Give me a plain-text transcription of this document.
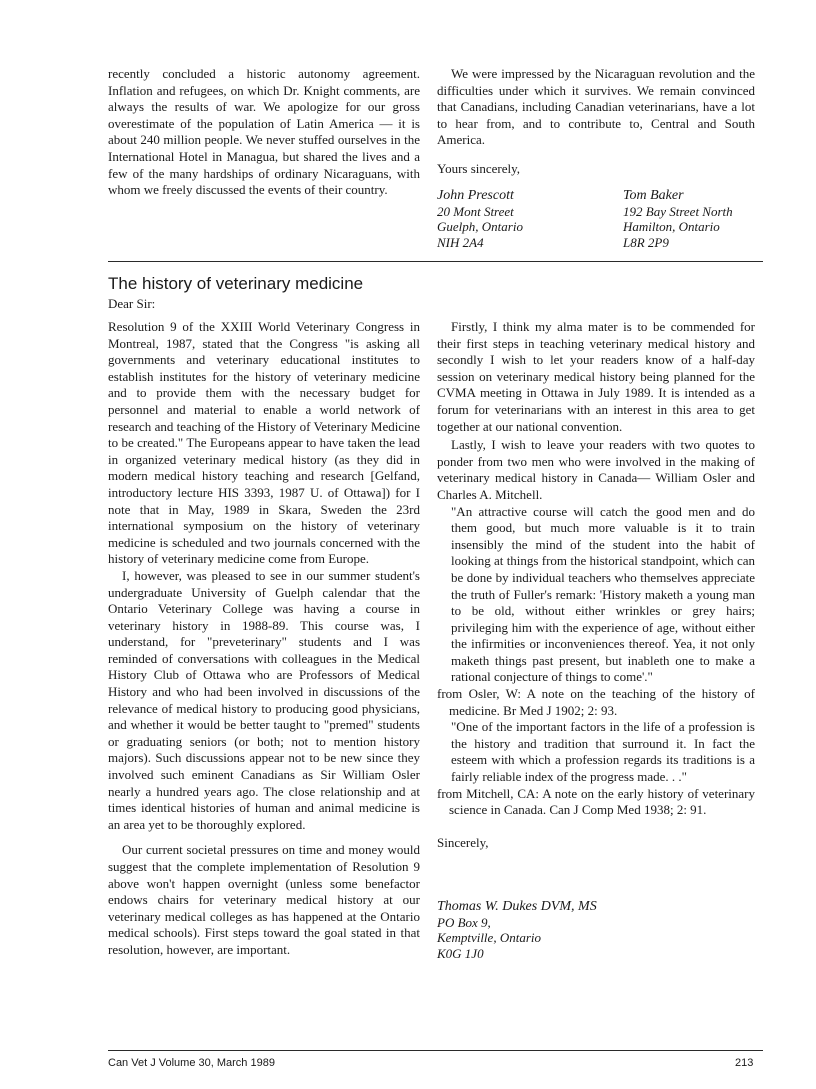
recently concluded a historic autonomy agreement. Inflation and refugees, on which Dr. Knight comments, are always the results of war. We apologize for our gross overestimate of the population of Latin America — it is about 240 million people. We never stuffed ourselves in the International Hotel in Managua, but shared the lives and a few of the many hardships of ordinary Nicaraguans, with whom we freely discussed the events of their country.

We were impressed by the Nicaraguan revolution and the difficulties under which it survives. We remain convinced that Canadians, including Canadian veterinarians, have a lot to hear from, and to contribute to, Central and South America.

Yours sincerely,

John Prescott
20 Mont Street
Guelph, Ontario
NIH 2A4
Tom Baker
192 Bay Street North
Hamilton, Ontario
L8R 2P9
The history of veterinary medicine

Dear Sir:

Resolution 9 of the XXIII World Veterinary Congress in Montreal, 1987, stated that the Congress "is asking all governments and veterinary educational institutes to establish institutes for the history of veterinary medicine and to provide them with the necessary budget for personnel and material to enable a world network of research and teaching of the History of Veterinary Medicine to be created." The Europeans appear to have taken the lead in organized veterinary medical history (as they did in modern medical history teaching and research [Gelfand, introductory lecture HIS 3393, 1987 U. of Ottawa]) for I note that in May, 1989 in Skara, Sweden the 23rd international symposium on the history of veterinary medicine is scheduled and two journals concerned with the history of veterinary medicine come from Europe.

I, however, was pleased to see in our summer student's undergraduate University of Guelph calendar that the Ontario Veterinary College was having a course in veterinary history in 1988-89. This course was, I understand, for "preveterinary" students and I was reminded of conversations with colleagues in the Medical History Club of Ottawa who are Professors of Medical History and who had been involved in discussions of the relevance of medical history to producing good physicians, and whether it would be better taught to "premed" students or graduating seniors (or both; not to mention history majors). Such discussions appear not to be new since they involved such eminent Canadians as Sir William Osler nearly a hundred years ago. The close relationship and at times identical histories of human and animal medicine is an area yet to be thoroughly explored.

Our current societal pressures on time and money would suggest that the complete implementation of Resolution 9 above won't happen overnight (unless some benefactor endows chairs for veterinary medical history at our veterinary medical colleges as has happened at the Ontario medical schools). First steps toward the goal stated in that resolution, however, are important.

Firstly, I think my alma mater is to be commended for their first steps in teaching veterinary medical history and secondly I wish to let your readers know of a half-day session on veterinary medical history being planned for the CVMA meeting in Ottawa in July 1989. It is intended as a forum for veterinarians with an interest in this area to get together at our national convention.

Lastly, I wish to leave your readers with two quotes to ponder from two men who were involved in the making of veterinary medical history in Canada— William Osler and Charles A. Mitchell.

"An attractive course will catch the good men and do them good, but much more valuable is it to train insensibly the mind of the student into the habit of looking at things from the historical standpoint, which can be done by individual teachers who themselves appreciate the truth of Fuller's remark: 'History maketh a young man to be old, without either wrinkles or grey hairs; privileging him with the experience of age, without either the infirmities or inconveniences thereof. Yea, it not only maketh things past present, but inableth one to make a rational conjecture of things to come'."

from Osler, W: A note on the teaching of the history of medicine. Br Med J 1902; 2: 93.

"One of the important factors in the life of a profession is the history and tradition that surround it. In fact the esteem with which a profession regards its traditions is a fairly reliable index of the progress made. . ."

from Mitchell, CA: A note on the early history of veterinary science in Canada. Can J Comp Med 1938; 2: 91.

Sincerely,

Thomas W. Dukes DVM, MS
PO Box 9,
Kemptville, Ontario
K0G 1J0
Can Vet J Volume 30, March 1989	213
